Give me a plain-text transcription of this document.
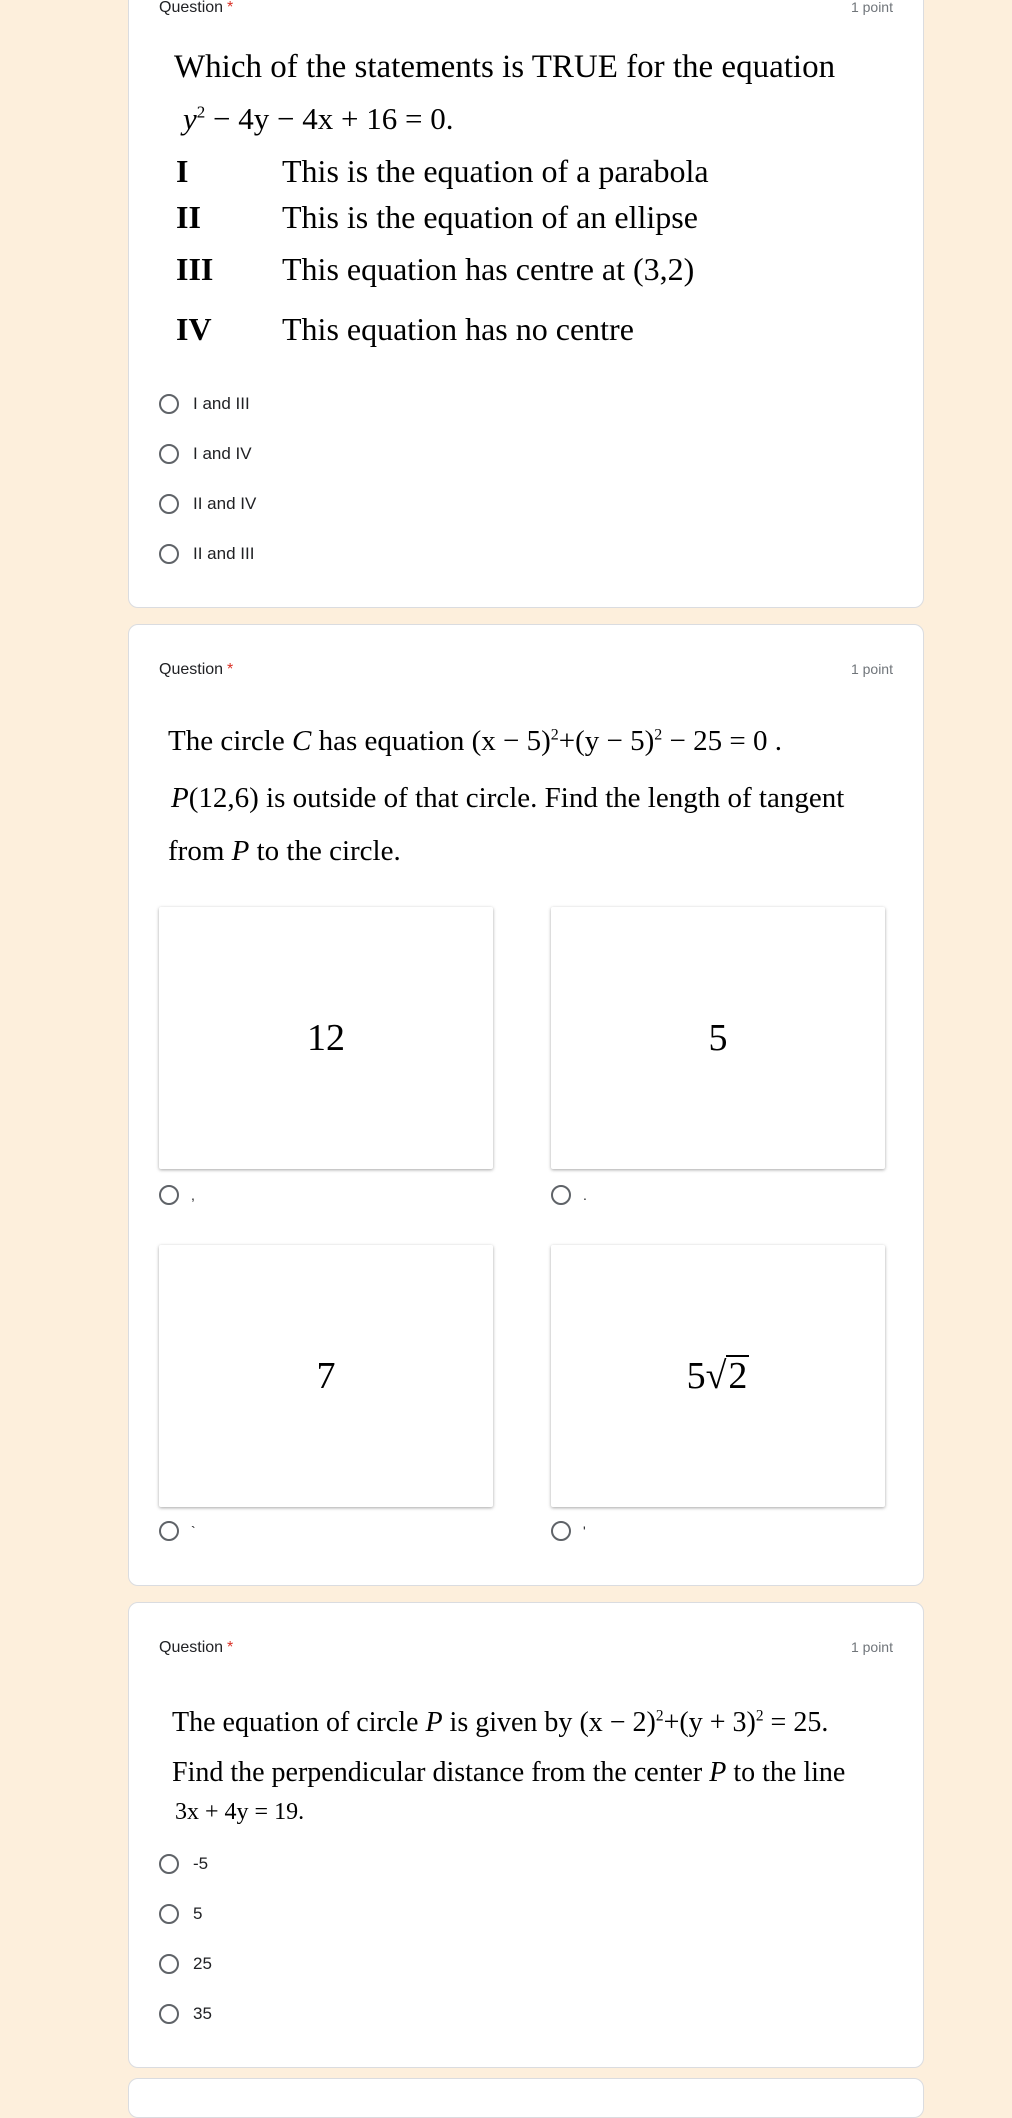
Question *	1 point
Which of the statements is TRUE for the equation
$y^2 - 4y - 4x + 16 = 0$.
I	This is the equation of a parabola
II	This is the equation of an ellipse
III This equation has centre at (3,2)
IV This equation has no centre
I and III
I and IV
II and IV
II and III
Question *	1 point
The circle C has equation $(x - 5)^2+(y - 5)^2 - 25 = 0$ .
P(12,6) is outside of that circle. Find the length of tangent
from P to the circle.
12	5
,	.
7	5√2
`	'
Question *	1 point
The equation of circle P is given by $(x - 2)^2+(y + 3)^2 = 25$.
Find the perpendicular distance from the center P to the line
3x + 4y = 19.
-5
5
25
35
